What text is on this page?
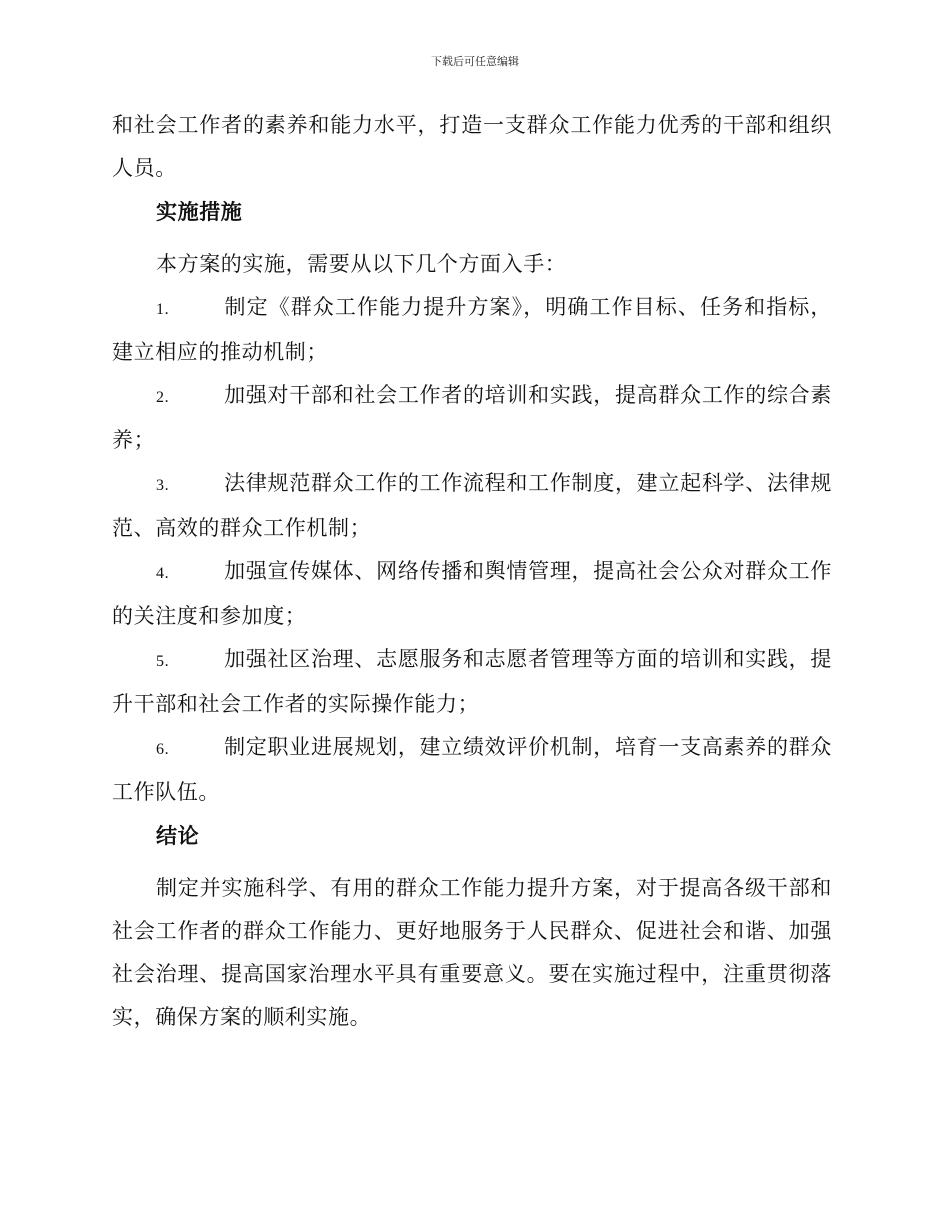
下载后可任意编辑

和社会工作者的素养和能力水平，打造一支群众工作能力优秀的干部和组织人员。

实施措施

本方案的实施，需要从以下几个方面入手：

1.	制定《群众工作能力提升方案》，明确工作目标、任务和指标，建立相应的推动机制；

2.	加强对干部和社会工作者的培训和实践，提高群众工作的综合素养；

3.	法律规范群众工作的工作流程和工作制度，建立起科学、法律规范、高效的群众工作机制；

4.	加强宣传媒体、网络传播和舆情管理，提高社会公众对群众工作的关注度和参加度；

5.	加强社区治理、志愿服务和志愿者管理等方面的培训和实践，提升干部和社会工作者的实际操作能力；

6.	制定职业进展规划，建立绩效评价机制，培育一支高素养的群众工作队伍。

结论

制定并实施科学、有用的群众工作能力提升方案，对于提高各级干部和社会工作者的群众工作能力、更好地服务于人民群众、促进社会和谐、加强社会治理、提高国家治理水平具有重要意义。要在实施过程中，注重贯彻落实，确保方案的顺利实施。
